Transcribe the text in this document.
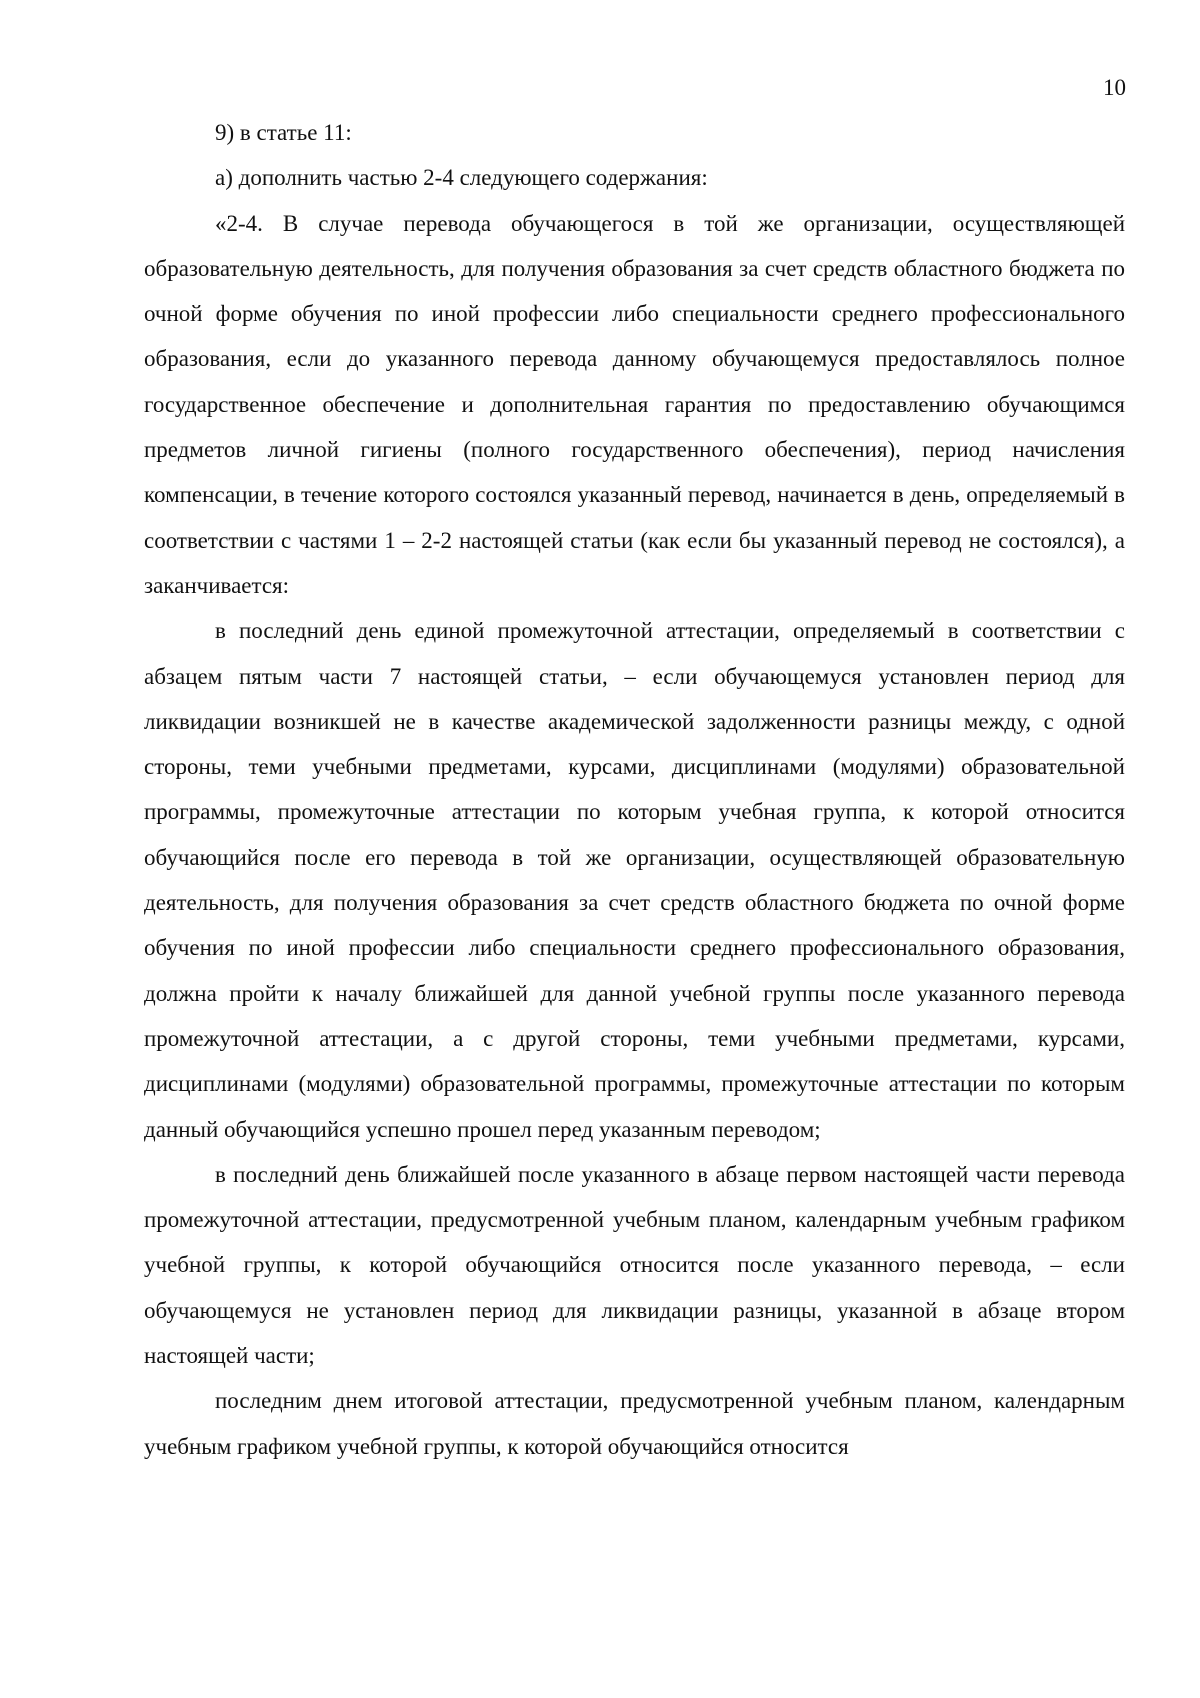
10

9) в статье 11:

а) дополнить частью 2-4 следующего содержания:

«2-4. В случае перевода обучающегося в той же организации, осуществляющей образовательную деятельность, для получения образования за счет средств областного бюджета по очной форме обучения по иной профессии либо специальности среднего профессионального образования, если до указанного перевода данному обучающемуся предоставлялось полное государственное обеспечение и дополнительная гарантия по предоставлению обучающимся предметов личной гигиены (полного государственного обеспечения), период начисления компенсации, в течение которого состоялся указанный перевод, начинается в день, определяемый в соответствии с частями 1 – 2-2 настоящей статьи (как если бы указанный перевод не состоялся), а заканчивается:

в последний день единой промежуточной аттестации, определяемый в соответствии с абзацем пятым части 7 настоящей статьи, – если обучающемуся установлен период для ликвидации возникшей не в качестве академической задолженности разницы между, с одной стороны, теми учебными предметами, курсами, дисциплинами (модулями) образовательной программы, промежуточные аттестации по которым учебная группа, к которой относится обучающийся после его перевода в той же организации, осуществляющей образовательную деятельность, для получения образования за счет средств областного бюджета по очной форме обучения по иной профессии либо специальности среднего профессионального образования, должна пройти к началу ближайшей для данной учебной группы после указанного перевода промежуточной аттестации, а с другой стороны, теми учебными предметами, курсами, дисциплинами (модулями) образовательной программы, промежуточные аттестации по которым данный обучающийся успешно прошел перед указанным переводом;

в последний день ближайшей после указанного в абзаце первом настоящей части перевода промежуточной аттестации, предусмотренной учебным планом, календарным учебным графиком учебной группы, к которой обучающийся относится после указанного перевода, – если обучающемуся не установлен период для ликвидации разницы, указанной в абзаце втором настоящей части;

последним днем итоговой аттестации, предусмотренной учебным планом, календарным учебным графиком учебной группы, к которой обучающийся относится
